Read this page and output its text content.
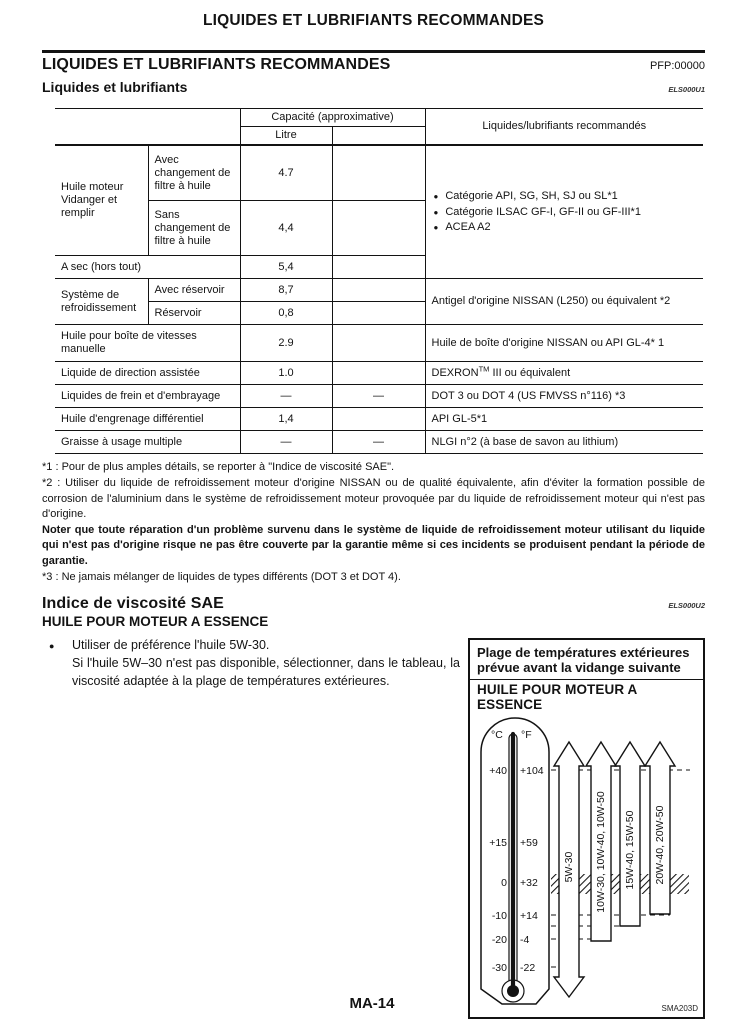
LIQUIDES ET LUBRIFIANTS RECOMMANDES
LIQUIDES ET LUBRIFIANTS RECOMMANDES	PFP:00000
Liquides et lubrifiants	ELS000U1
		Capacité (approximative)		Liquides/lubrifiants recommandés
		Litre		
Huile moteur Vidanger et remplir	Avec changement de filtre à huile	4.7		
● Catégorie API, SG, SH, SJ ou SL*1
● Catégorie ILSAC GF-I, GF-II ou GF-III*1
● ACEA A2

	Sans changement de filtre à huile	4,4		
A sec (hors tout)		5,4		
Système de refroidissement	Avec réservoir	8,7		Antigel d'origine NISSAN (L250) ou équivalent *2
	Réservoir	0,8		
Huile pour boîte de vitesses manuelle		2.9		Huile de boîte d'origine NISSAN ou API GL-4* 1
Liquide de direction assistée		1.0		DEXRON™ III ou équivalent
Liquides de frein et d'embrayage		—	—	DOT 3 ou DOT 4 (US FMVSS n°116) *3
Huile d'engrenage différentiel		1,4		API GL-5*1
Graisse à usage multiple		—	—	NLGI n°2 (à base de savon au lithium)

*1 : Pour de plus amples détails, se reporter à "Indice de viscosité SAE".

*2 : Utiliser du liquide de refroidissement moteur d'origine NISSAN ou de qualité équivalente, afin d'éviter la formation possible de corrosion de l'aluminium dans le système de refroidissement moteur provoquée par du liquide de refroidissement moteur qui n'est pas d'origine.

Noter que toute réparation d'un problème survenu dans le système de liquide de refroidissement moteur utilisant du liquide qui n'est pas d'origine risque ne pas être couverte par la garantie même si ces incidents se produisent pendant la période de garantie.

*3 : Ne jamais mélanger de liquides de types différents (DOT 3 et DOT 4).

Indice de viscosité SAE	ELS000U2
HUILE POUR MOTEUR A ESSENCE
● Utiliser de préférence l'huile 5W-30.
Si l'huile 5W–30 n'est pas disponible, sélectionner, dans le tableau, la viscosité adaptée à la plage de températures extérieures.
Plage de températures extérieures
prévue avant la vidange suivante
HUILE POUR MOTEUR A ESSENCE
°C °F
+40
+15
0
-10
-20
-30
+104
+59
+32
+14
-4
-22
5W-30 10W-30, 10W-40, 10W-50 15W-40, 15W-50 20W-40, 20W-50
SMA203D
MA-14
